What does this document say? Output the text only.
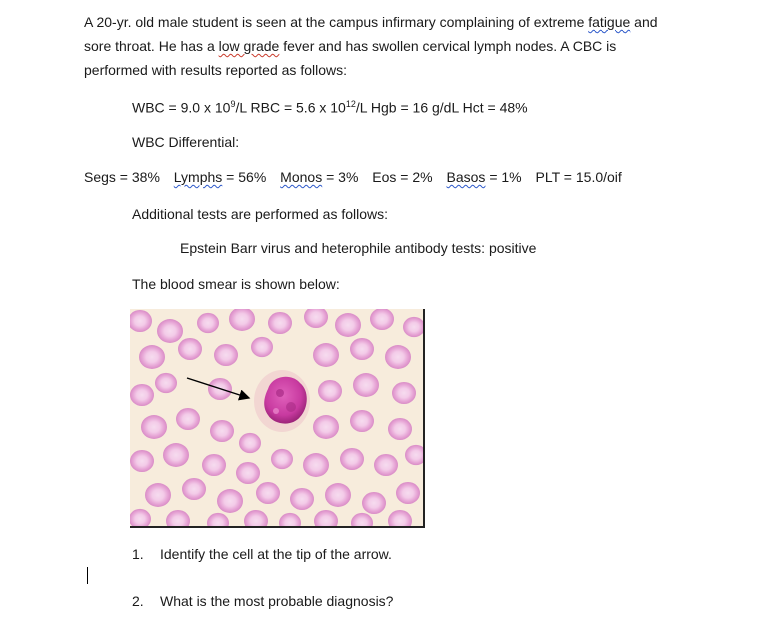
A 20-yr. old male student is seen at the campus infirmary complaining of extreme fatigue and
sore throat. He has a low grade fever and has swollen cervical lymph nodes. A CBC is
performed with results reported as follows:
WBC = 9.0 x $10^9/L$ RBC = 5.6 x $10^{12}/L$ Hgb = 16 g/dL Hct = 48%
WBC Differential:
Segs = 38% Lymphs = 56% Monos = 3% Eos = 2% Basos = 1% PLT = 15.0/oif
Additional tests are performed as follows:
Epstein Barr virus and heterophile antibody tests: positive
The blood smear is shown below:
1. Identify the cell at the tip of the arrow.
2. What is the most probable diagnosis?
